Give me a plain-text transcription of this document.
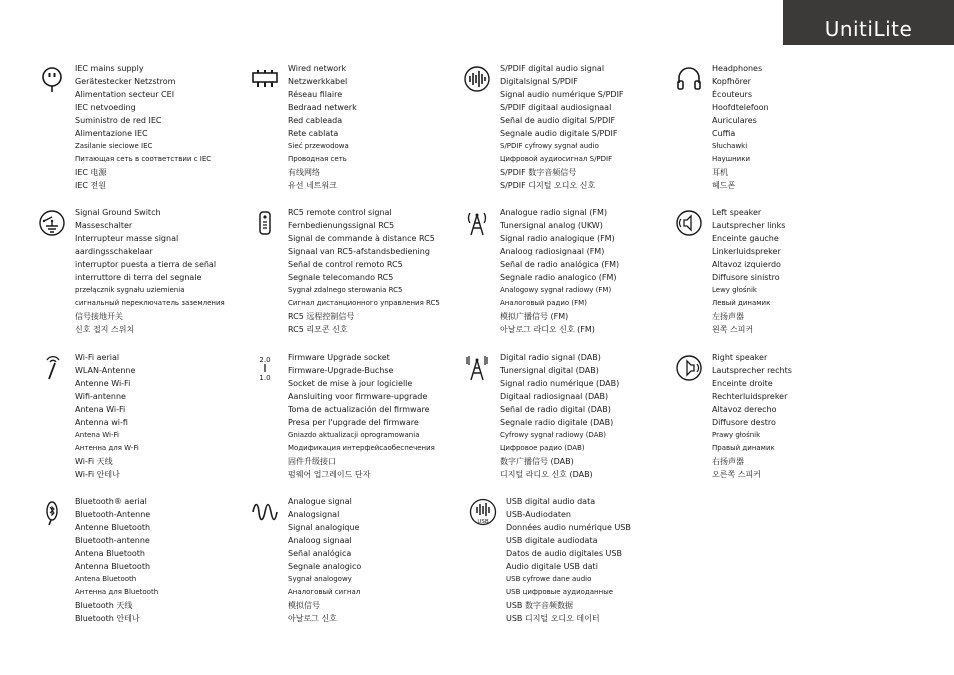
UnitiLite
IEC mains supply
Gerätestecker Netzstrom
Alimentation secteur CEI
IEC netvoeding
Suministro de red IEC
Alimentazione IEC
Zasilanie sieciowe IEC
Питающая сеть в соответствии с IEC
IEC 电源
IEC 전원
Wired network
Netzwerkkabel
Réseau filaire
Bedraad netwerk
Red cableada
Rete cablata
Sieć przewodowa
Проводная сеть
有线网络
유선 네트워크
S/PDIF digital audio signal
Digitalsignal S/PDIF
Signal audio numérique S/PDIF
S/PDIF digitaal audiosignaal
Señal de audio digital S/PDIF
Segnale audio digitale S/PDIF
S/PDIF cyfrowy sygnał audio
Цифровой аудиосигнал S/PDIF
S/PDIF 数字音频信号
S/PDIF 디지털 오디오 신호
Headphones
Kopfhörer
Écouteurs
Hoofdtelefoon
Auriculares
Cuffia
Słuchawki
Наушники
耳机
헤드폰
Signal Ground Switch
Masseschalter
Interrupteur masse signal
aardingsschakelaar
interruptor puesta a tierra de señal
interruttore di terra del segnale
przełącznik sygnału uziemienia
сигнальный переключатель заземления
信号接地开关
신호 접지 스위치
RC5 remote control signal
Fernbedienungssignal RC5
Signal de commande à distance RC5
Signaal van RC5-afstandsbediening
Señal de control remoto RC5
Segnale telecomando RC5
Sygnał zdalnego sterowania RC5
Сигнал дистанционного управления RC5
RC5 远程控制信号
RC5 리모콘 신호
Analogue radio signal (FM)
Tunersignal analog (UKW)
Signal radio analogique (FM)
Analoog radiosignaal (FM)
Señal de radio analógica (FM)
Segnale radio analogico (FM)
Analogowy sygnał radiowy (FM)
Аналоговый радио (FM)
模拟广播信号 (FM)
아날로그 라디오 신호 (FM)
Left speaker
Lautsprecher links
Enceinte gauche
Linkerluidspreker
Altavoz izquierdo
Diffusore sinistro
Lewy głośnik
Левый динамик
左扬声器
왼쪽 스피커
Wi-Fi aerial
WLAN-Antenne
Antenne Wi-Fi
Wifi-antenne
Antena Wi-Fi
Antenna wi-fi
Antena Wi-Fi
Антенна для W-Fi
Wi-Fi 天线
Wi-Fi 안테나
2.0
1.0
Firmware Upgrade socket
Firmware-Upgrade-Buchse
Socket de mise à jour logicielle
Aansluiting voor firmware-upgrade
Toma de actualización del firmware
Presa per l'upgrade del firmware
Gniazdo aktualizacji oprogramowania
Модификация интерфейсаобеспечения
固件升级接口
펌웨어 업그레이드 단자
Digital radio signal (DAB)
Tunersignal digital (DAB)
Signal radio numérique (DAB)
Digitaal radiosignaal (DAB)
Señal de radio digital (DAB)
Segnale radio digitale (DAB)
Cyfrowy sygnał radiowy (DAB)
Цифровое радио (DAB)
数字广播信号 (DAB)
디지털 라디오 신호 (DAB)
Right speaker
Lautsprecher rechts
Enceinte droite
Rechterluidspreker
Altavoz derecho
Diffusore destro
Prawy głośnik
Правый динамик
右扬声器
오른쪽 스피커
Bluetooth® aerial
Bluetooth-Antenne
Antenne Bluetooth
Bluetooth-antenne
Antena Bluetooth
Antenna Bluetooth
Antena Bluetooth
Антенна для Bluetooth
Bluetooth 天线
Bluetooth 안테나
Analogue signal
Analogsignal
Signal analogique
Analoog signaal
Señal analógica
Segnale analogico
Sygnał analogowy
Аналоговый сигнал
模拟信号
아날로그 신호
USB
USB digital audio data
USB-Audiodaten
Données audio numérique USB
USB digitale audiodata
Datos de audio digitales USB
Audio digitale USB dati
USB cyfrowe dane audio
USB цифровые аудиоданные
USB 数字音频数据
USB 디지털 오디오 데이터
